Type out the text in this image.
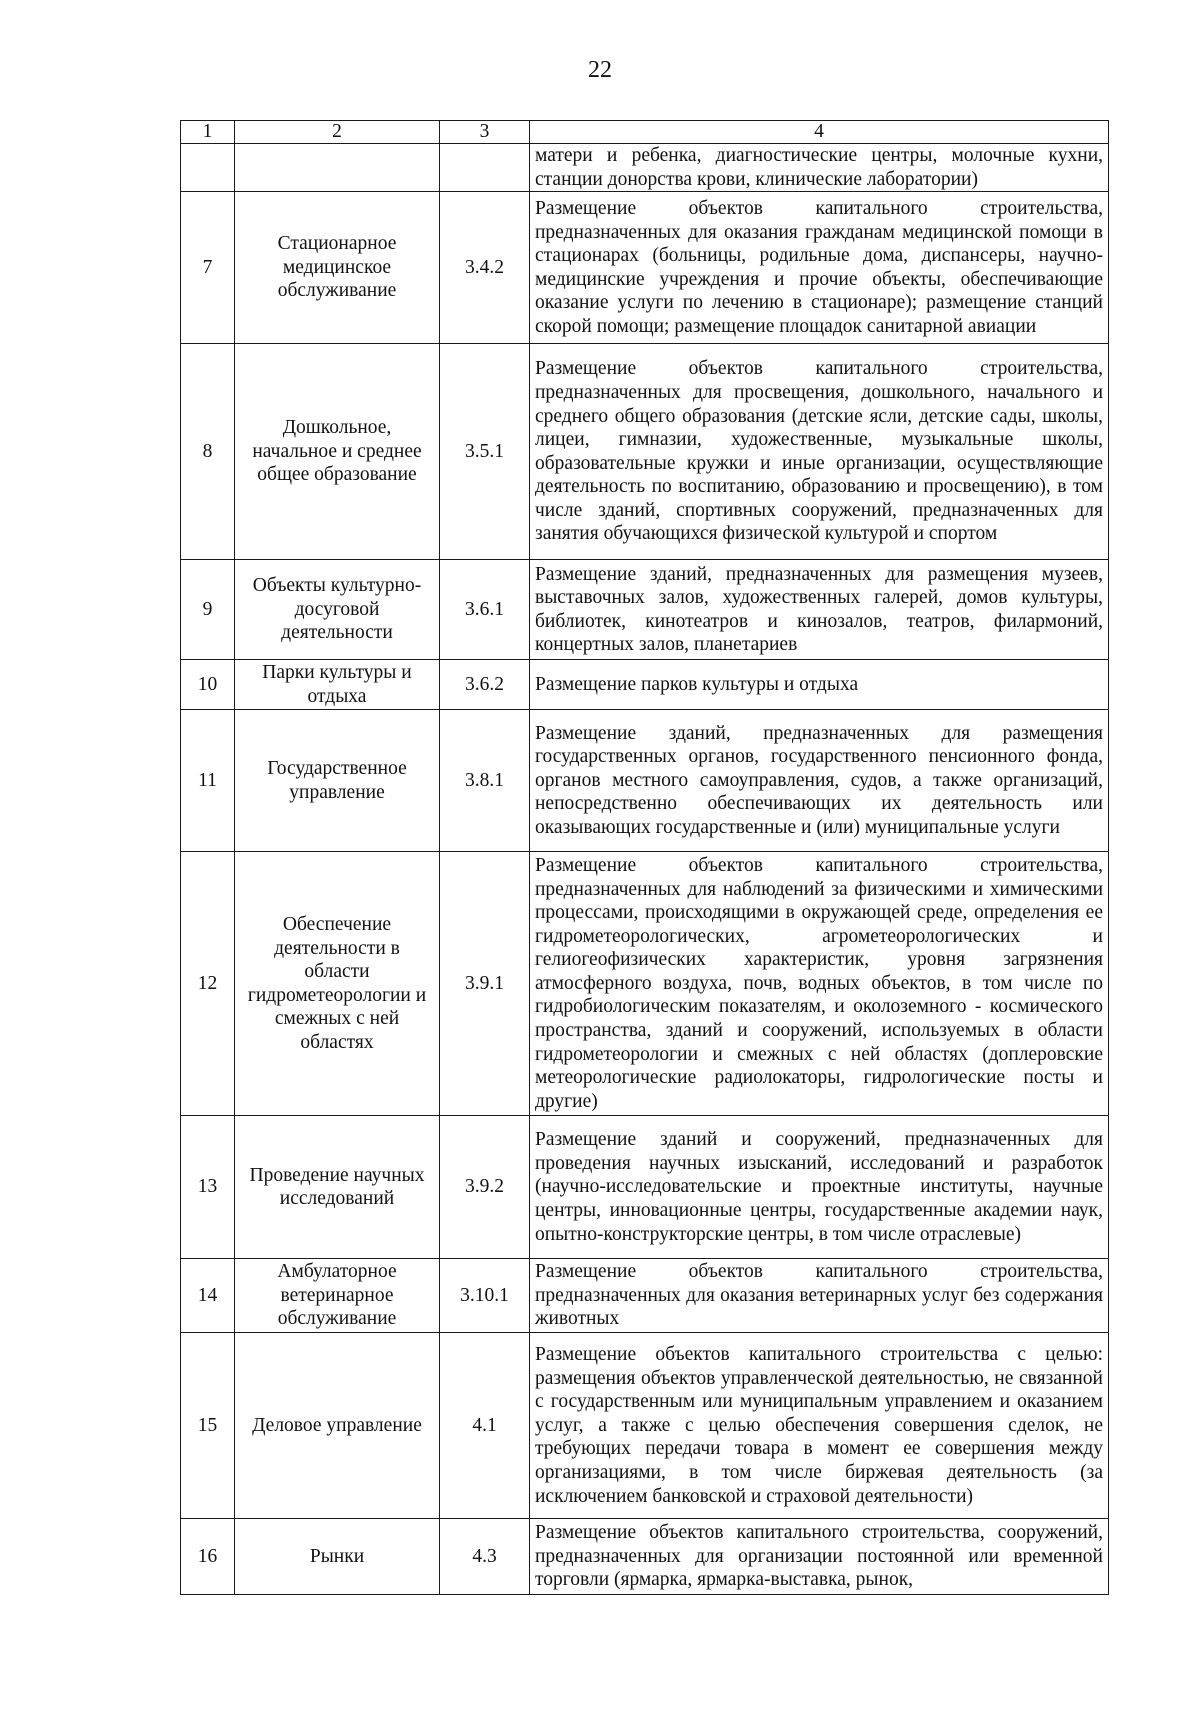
22
1	2	3	4
			матери и ребенка, диагностические центры, молочные кухни, станции донорства крови, клинические лаборатории)
7	Стационарное медицинское обслуживание	3.4.2	Размещение объектов капитального строительства, предназначенных для оказания гражданам медицинской помощи в стационарах (больницы, родильные дома, диспансеры, научно-медицинские учреждения и прочие объекты, обеспечивающие оказание услуги по лечению в стационаре); размещение станций скорой помощи; размещение площадок санитарной авиации
8	Дошкольное, начальное и среднее общее образование	3.5.1	Размещение объектов капитального строительства, предназначенных для просвещения, дошкольного, начального и среднего общего образования (детские ясли, детские сады, школы, лицеи, гимназии, художественные, музыкальные школы, образовательные кружки и иные организации, осуществляющие деятельность по воспитанию, образованию и просвещению), в том числе зданий, спортивных сооружений, предназначенных для занятия обучающихся физической культурой и спортом
9	Объекты культурно-досуговой деятельности	3.6.1	Размещение зданий, предназначенных для размещения музеев, выставочных залов, художественных галерей, домов культуры, библиотек, кинотеатров и кинозалов, театров, филармоний, концертных залов, планетариев
10	Парки культуры и отдыха	3.6.2	Размещение парков культуры и отдыха
11	Государственное управление	3.8.1	Размещение зданий, предназначенных для размещения государственных органов, государственного пенсионного фонда, органов местного самоуправления, судов, а также организаций, непосредственно обеспечивающих их деятельность или оказывающих государственные и (или) муниципальные услуги
12	Обеспечение деятельности в области гидрометеорологии и смежных с ней областях	3.9.1	Размещение объектов капитального строительства, предназначенных для наблюдений за физическими и химическими процессами, происходящими в окружающей среде, определения ее гидрометеорологических, агрометеорологических и гелиогеофизических характеристик, уровня загрязнения атмосферного воздуха, почв, водных объектов, в том числе по гидробиологическим показателям, и околоземного - космического пространства, зданий и сооружений, используемых в области гидрометеорологии и смежных с ней областях (доплеровские метеорологические радиолокаторы, гидрологические посты и другие)
13	Проведение научных исследований	3.9.2	Размещение зданий и сооружений, предназначенных для проведения научных изысканий, исследований и разработок (научно-исследовательские и проектные институты, научные центры, инновационные центры, государственные академии наук, опытно-конструкторские центры, в том числе отраслевые)
14	Амбулаторное ветеринарное обслуживание	3.10.1	Размещение объектов капитального строительства, предназначенных для оказания ветеринарных услуг без содержания животных
15	Деловое управление	4.1	Размещение объектов капитального строительства с целью: размещения объектов управленческой деятельностью, не связанной с государственным или муниципальным управлением и оказанием услуг, а также с целью обеспечения совершения сделок, не требующих передачи товара в момент ее совершения между организациями, в том числе биржевая деятельность (за исключением банковской и страховой деятельности)
16	Рынки	4.3	Размещение объектов капитального строительства, сооружений, предназначенных для организации постоянной или временной торговли (ярмарка, ярмарка-выставка, рынок,
